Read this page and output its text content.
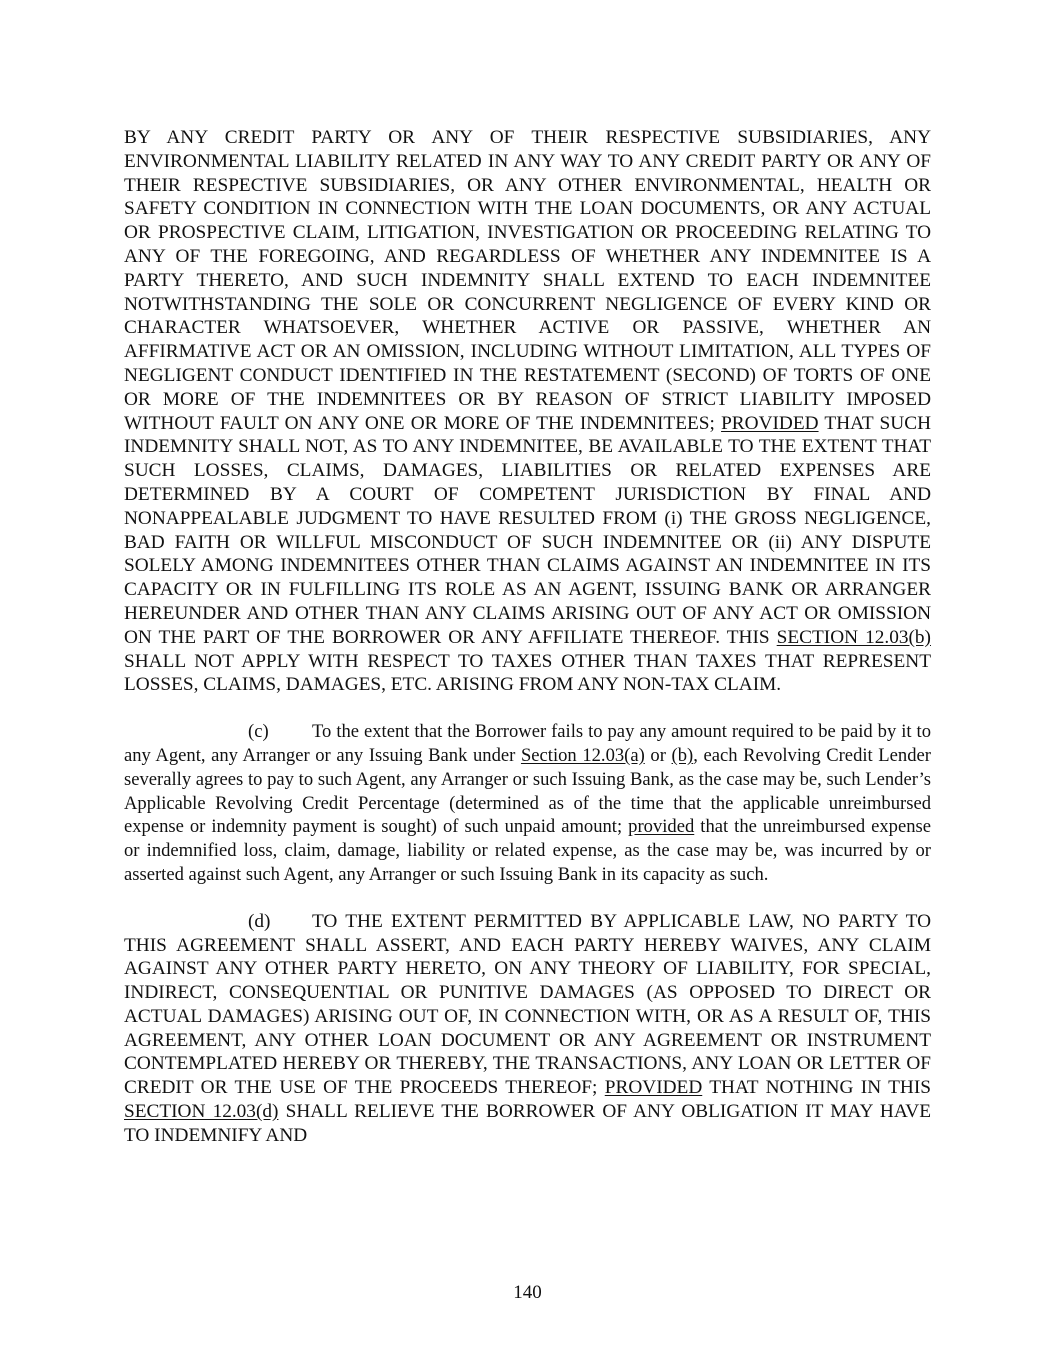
BY ANY CREDIT PARTY OR ANY OF THEIR RESPECTIVE SUBSIDIARIES, ANY ENVIRONMENTAL LIABILITY RELATED IN ANY WAY TO ANY CREDIT PARTY OR ANY OF THEIR RESPECTIVE SUBSIDIARIES, OR ANY OTHER ENVIRONMENTAL, HEALTH OR SAFETY CONDITION IN CONNECTION WITH THE LOAN DOCUMENTS, OR ANY ACTUAL OR PROSPECTIVE CLAIM, LITIGATION, INVESTIGATION OR PROCEEDING RELATING TO ANY OF THE FOREGOING, AND REGARDLESS OF WHETHER ANY INDEMNITEE IS A PARTY THERETO, AND SUCH INDEMNITY SHALL EXTEND TO EACH INDEMNITEE NOTWITHSTANDING THE SOLE OR CONCURRENT NEGLIGENCE OF EVERY KIND OR CHARACTER WHATSOEVER, WHETHER ACTIVE OR PASSIVE, WHETHER AN AFFIRMATIVE ACT OR AN OMISSION, INCLUDING WITHOUT LIMITATION, ALL TYPES OF NEGLIGENT CONDUCT IDENTIFIED IN THE RESTATEMENT (SECOND) OF TORTS OF ONE OR MORE OF THE INDEMNITEES OR BY REASON OF STRICT LIABILITY IMPOSED WITHOUT FAULT ON ANY ONE OR MORE OF THE INDEMNITEES; PROVIDED THAT SUCH INDEMNITY SHALL NOT, AS TO ANY INDEMNITEE, BE AVAILABLE TO THE EXTENT THAT SUCH LOSSES, CLAIMS, DAMAGES, LIABILITIES OR RELATED EXPENSES ARE DETERMINED BY A COURT OF COMPETENT JURISDICTION BY FINAL AND NONAPPEALABLE JUDGMENT TO HAVE RESULTED FROM (i) THE GROSS NEGLIGENCE, BAD FAITH OR WILLFUL MISCONDUCT OF SUCH INDEMNITEE OR (ii) ANY DISPUTE SOLELY AMONG INDEMNITEES OTHER THAN CLAIMS AGAINST AN INDEMNITEE IN ITS CAPACITY OR IN FULFILLING ITS ROLE AS AN AGENT, ISSUING BANK OR ARRANGER HEREUNDER AND OTHER THAN ANY CLAIMS ARISING OUT OF ANY ACT OR OMISSION ON THE PART OF THE BORROWER OR ANY AFFILIATE THEREOF. THIS SECTION 12.03(b) SHALL NOT APPLY WITH RESPECT TO TAXES OTHER THAN TAXES THAT REPRESENT LOSSES, CLAIMS, DAMAGES, ETC. ARISING FROM ANY NON-TAX CLAIM.

(c) To the extent that the Borrower fails to pay any amount required to be paid by it to any Agent, any Arranger or any Issuing Bank under Section 12.03(a) or (b), each Revolving Credit Lender severally agrees to pay to such Agent, any Arranger or such Issuing Bank, as the case may be, such Lender’s Applicable Revolving Credit Percentage (determined as of the time that the applicable unreimbursed expense or indemnity payment is sought) of such unpaid amount; provided that the unreimbursed expense or indemnified loss, claim, damage, liability or related expense, as the case may be, was incurred by or asserted against such Agent, any Arranger or such Issuing Bank in its capacity as such.

(d) TO THE EXTENT PERMITTED BY APPLICABLE LAW, NO PARTY TO THIS AGREEMENT SHALL ASSERT, AND EACH PARTY HEREBY WAIVES, ANY CLAIM AGAINST ANY OTHER PARTY HERETO, ON ANY THEORY OF LIABILITY, FOR SPECIAL, INDIRECT, CONSEQUENTIAL OR PUNITIVE DAMAGES (AS OPPOSED TO DIRECT OR ACTUAL DAMAGES) ARISING OUT OF, IN CONNECTION WITH, OR AS A RESULT OF, THIS AGREEMENT, ANY OTHER LOAN DOCUMENT OR ANY AGREEMENT OR INSTRUMENT CONTEMPLATED HEREBY OR THEREBY, THE TRANSACTIONS, ANY LOAN OR LETTER OF CREDIT OR THE USE OF THE PROCEEDS THEREOF; PROVIDED THAT NOTHING IN THIS SECTION 12.03(d) SHALL RELIEVE THE BORROWER OF ANY OBLIGATION IT MAY HAVE TO INDEMNIFY AND

140
